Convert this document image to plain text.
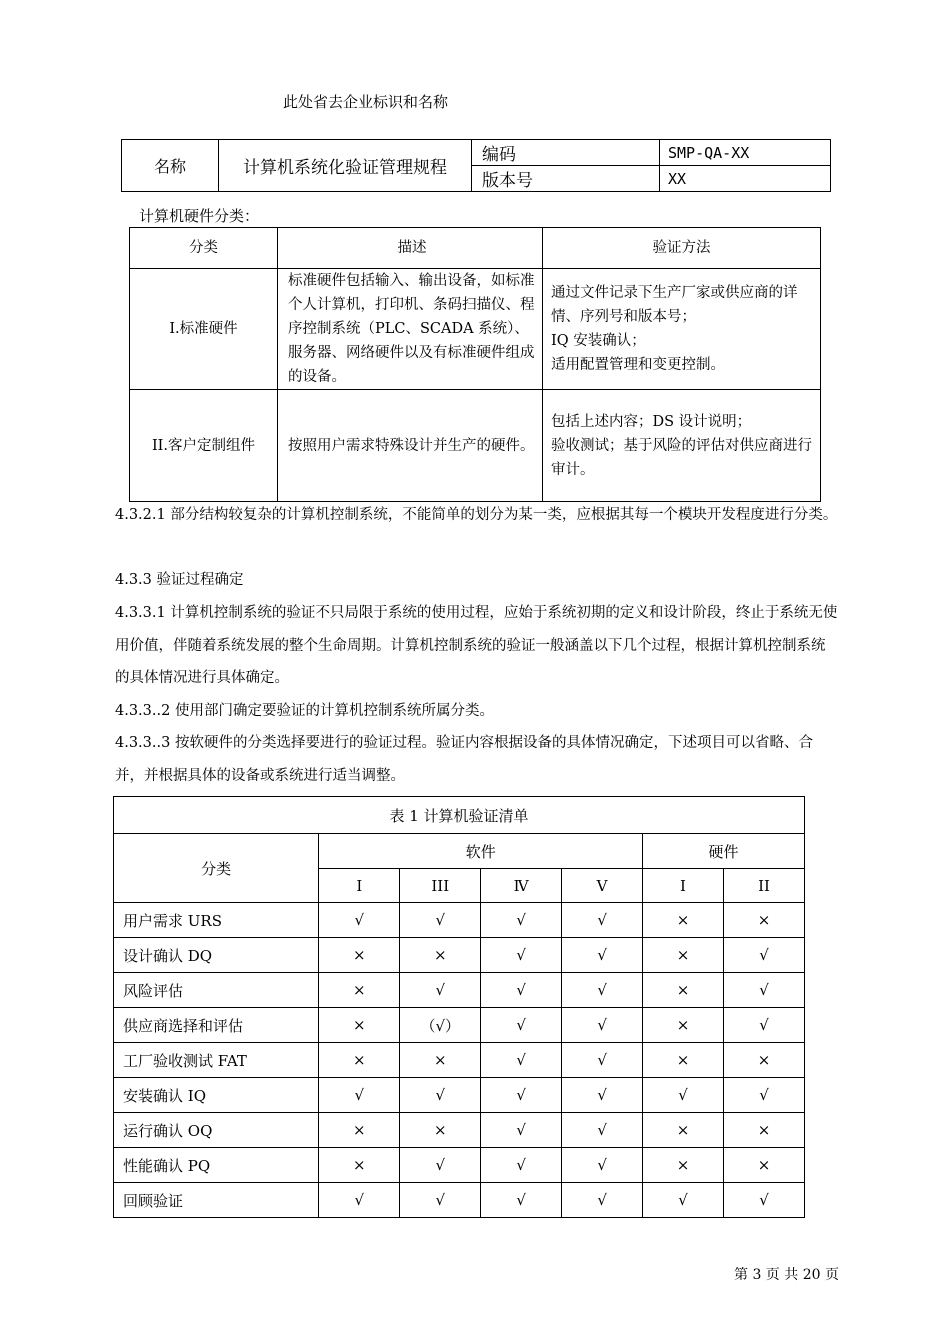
此处省去企业标识和名称
名称	计算机系统化验证管理规程	编码	SMP-QA-XX
		版本号	XX
计算机硬件分类：
分类	描述	验证方法
I.标准硬件	标准硬件包括输入、输出设备，如标准个人计算机，打印机、条码扫描仪、程序控制系统（PLC、SCADA 系统）、服务器、网络硬件以及有标准硬件组成的设备。	通过文件记录下生产厂家或供应商的详情、序列号和版本号；
IQ 安装确认；
适用配置管理和变更控制。

II.客户定制组件	按照用户需求特殊设计并生产的硬件。	包括上述内容；DS 设计说明；
验收测试；基于风险的评估对供应商进行审计。
4.3.2.1 部分结构较复杂的计算机控制系统，不能简单的划分为某一类，应根据其每一个模块开发程度进行分类。
4.3.3 验证过程确定
4.3.3.1 计算机控制系统的验证不只局限于系统的使用过程，应始于系统初期的定义和设计阶段，终止于系统无使用价值，伴随着系统发展的整个生命周期。计算机控制系统的验证一般涵盖以下几个过程，根据计算机控制系统的具体情况进行具体确定。
4.3.3..2 使用部门确定要验证的计算机控制系统所属分类。
4.3.3..3 按软硬件的分类选择要进行的验证过程。验证内容根据设备的具体情况确定，下述项目可以省略、合并，并根据具体的设备或系统进行适当调整。
表 1 计算机验证清单						
分类	软件				硬件	
	I	III	Ⅳ	V	I	II
用户需求 URS	√	√	√	√	×	×
设计确认 DQ	×	×	√	√	×	√
风险评估	×	√	√	√	×	√
供应商选择和评估	×	（√）	√	√	×	√
工厂验收测试 FAT	×	×	√	√	×	×
安装确认 IQ	√	√	√	√	√	√
运行确认 OQ	×	×	√	√	×	×
性能确认 PQ	×	√	√	√	×	×
回顾验证	√	√	√	√	√	√
第 3 页 共 20 页
